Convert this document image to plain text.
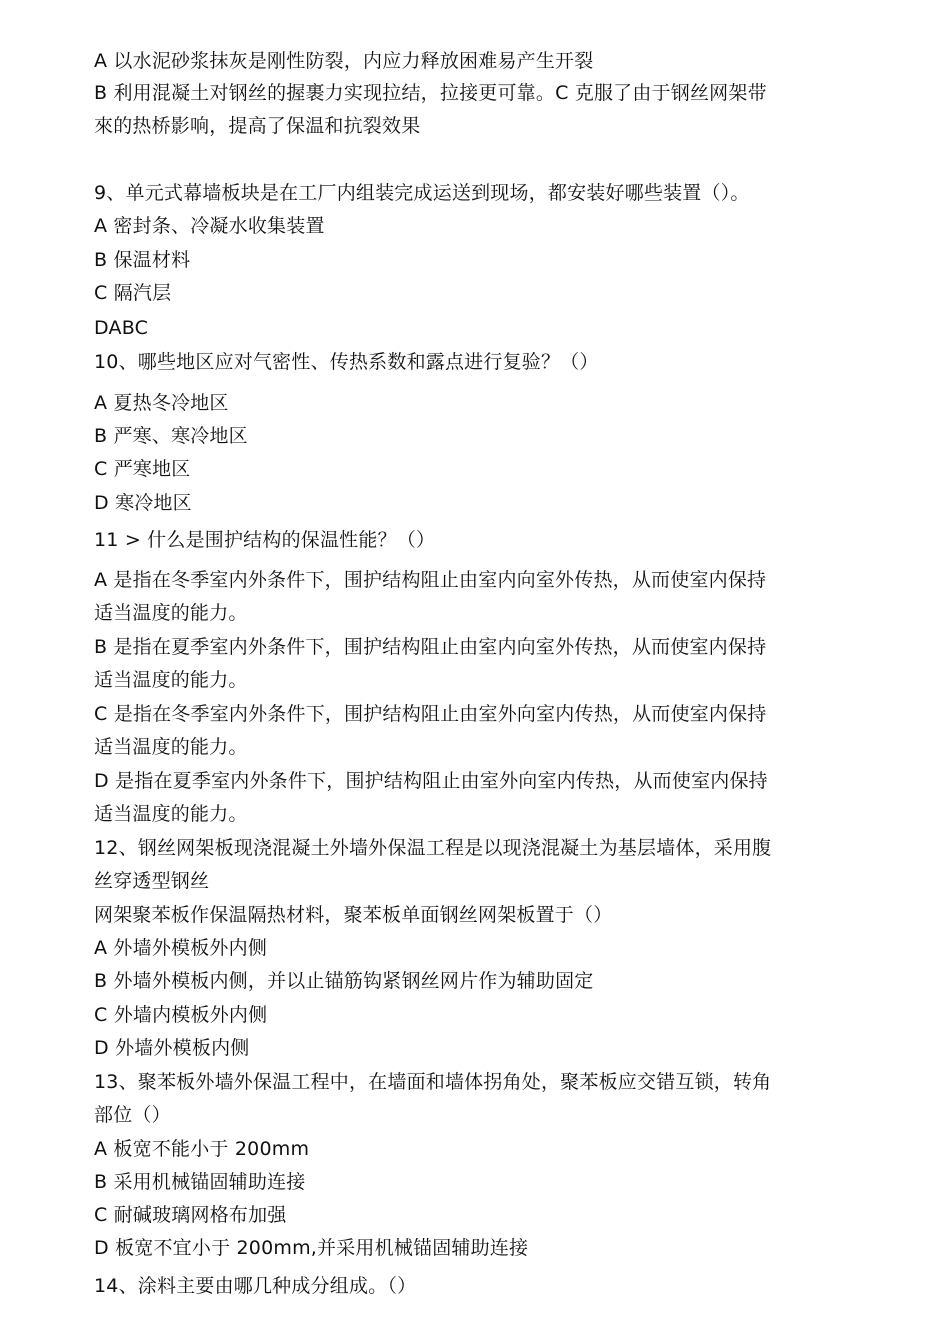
A 以水泥砂浆抹灰是刚性防裂，内应力释放困难易产生开裂
B 利用混凝土对钢丝的握裹力实现拉结，拉接更可靠。C 克服了由于钢丝网架带
來的热桥影响，提高了保温和抗裂效果
9、单元式幕墙板块是在工厂内组装完成运送到现场，都安装好哪些装置（）。
A 密封条、冷凝水收集装置
B 保温材料
C 隔汽层
DABC
10、哪些地区应对气密性、传热系数和露点进行复验？（）
A 夏热冬冷地区
B 严寒、寒冷地区
C 严寒地区
D 寒冷地区
11 > 什么是围护结构的保温性能？（）
A 是指在冬季室内外条件下，围护结构阻止由室内向室外传热，从而使室内保持
适当温度的能力。
B 是指在夏季室内外条件下，围护结构阻止由室内向室外传热，从而使室内保持
适当温度的能力。
C 是指在冬季室内外条件下，围护结构阻止由室外向室内传热，从而使室内保持
适当温度的能力。
D 是指在夏季室内外条件下，围护结构阻止由室外向室内传热，从而使室内保持
适当温度的能力。
12、钢丝网架板现浇混凝土外墙外保温工程是以现浇混凝土为基层墙体，采用腹
丝穿透型钢丝
网架聚苯板作保温隔热材料，聚苯板单面钢丝网架板置于（）
A 外墙外模板外内侧
B 外墙外模板内侧，并以止锚筋钩紧钢丝网片作为辅助固定
C 外墙内模板外内侧
D 外墙外模板内侧
13、聚苯板外墙外保温工程中，在墙面和墙体拐角处，聚苯板应交错互锁，转角
部位（）
A 板宽不能小于 200mm
B 采用机械锚固辅助连接
C 耐碱玻璃网格布加强
D 板宽不宜小于 200mm,并采用机械锚固辅助连接
14、涂料主要由哪几种成分组成。（）
